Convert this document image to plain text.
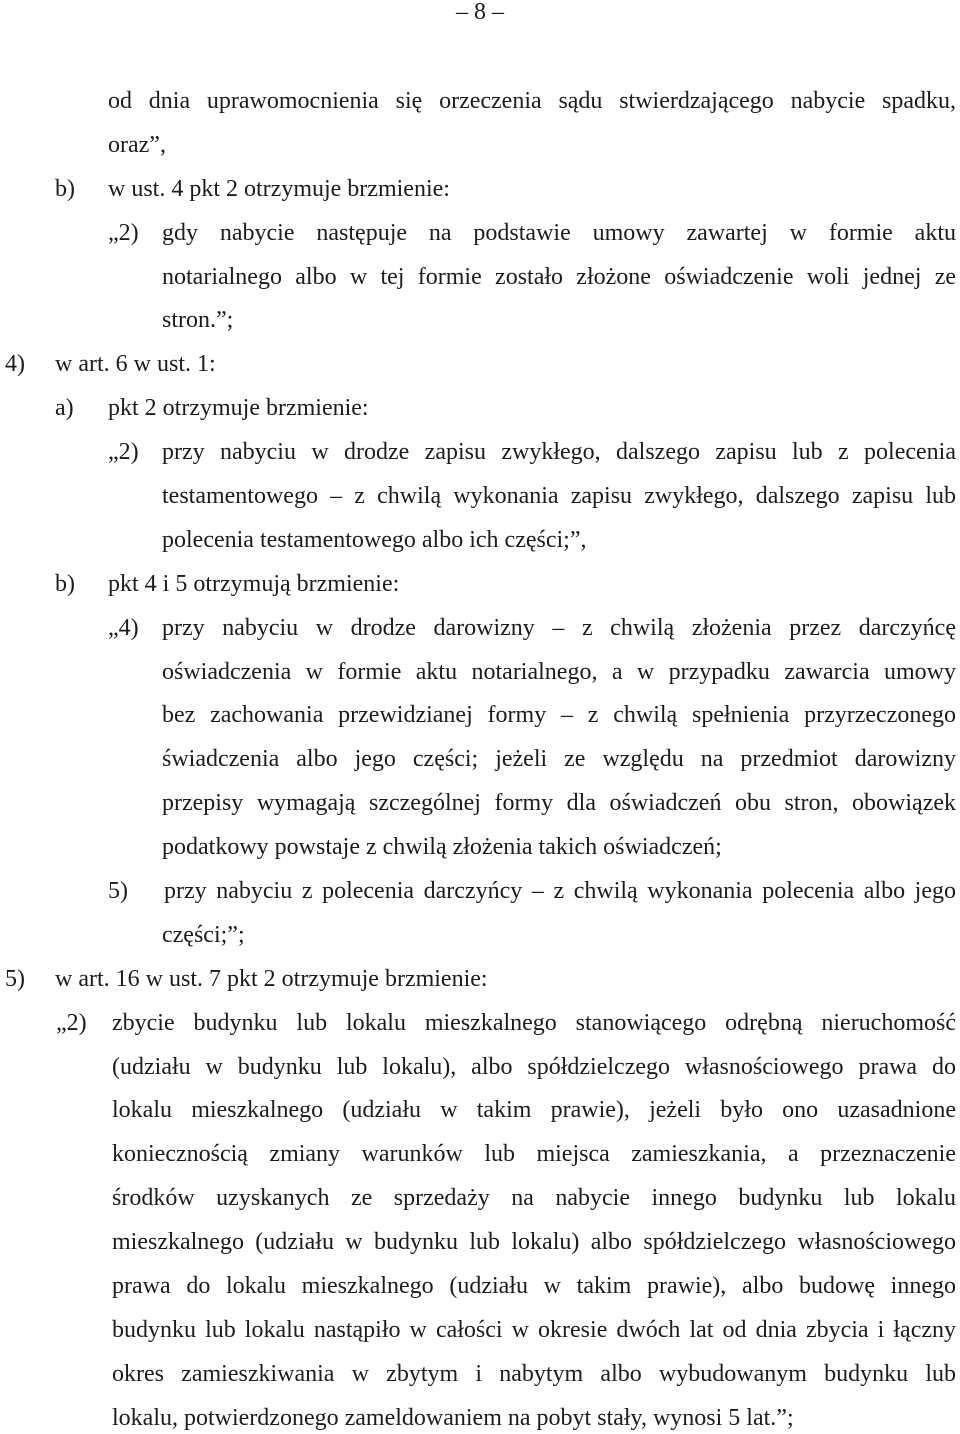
– 8 –
od dnia uprawomocnienia się orzeczenia sądu stwierdzającego nabycie spadku,
oraz”,
b) w ust. 4 pkt 2 otrzymuje brzmienie:
„2) gdy nabycie następuje na podstawie umowy zawartej w formie aktu
notarialnego albo w tej formie zostało złożone oświadczenie woli jednej ze
stron.”;
4) w art. 6 w ust. 1:
a) pkt 2 otrzymuje brzmienie:
„2) przy nabyciu w drodze zapisu zwykłego, dalszego zapisu lub z polecenia
testamentowego – z chwilą wykonania zapisu zwykłego, dalszego zapisu lub
polecenia testamentowego albo ich części;”,
b) pkt 4 i 5 otrzymują brzmienie:
„4) przy nabyciu w drodze darowizny – z chwilą złożenia przez darczyńcę
oświadczenia w formie aktu notarialnego, a w przypadku zawarcia umowy
bez zachowania przewidzianej formy – z chwilą spełnienia przyrzeczonego
świadczenia albo jego części; jeżeli ze względu na przedmiot darowizny
przepisy wymagają szczególnej formy dla oświadczeń obu stron, obowiązek
podatkowy powstaje z chwilą złożenia takich oświadczeń;
5) przy nabyciu z polecenia darczyńcy – z chwilą wykonania polecenia albo jego
części;”;
5) w art. 16 w ust. 7 pkt 2 otrzymuje brzmienie:
„2) zbycie budynku lub lokalu mieszkalnego stanowiącego odrębną nieruchomość
(udziału w budynku lub lokalu), albo spółdzielczego własnościowego prawa do
lokalu mieszkalnego (udziału w takim prawie), jeżeli było ono uzasadnione
koniecznością zmiany warunków lub miejsca zamieszkania, a przeznaczenie
środków uzyskanych ze sprzedaży na nabycie innego budynku lub lokalu
mieszkalnego (udziału w budynku lub lokalu) albo spółdzielczego własnościowego
prawa do lokalu mieszkalnego (udziału w takim prawie), albo budowę innego
budynku lub lokalu nastąpiło w całości w okresie dwóch lat od dnia zbycia i łączny
okres zamieszkiwania w zbytym i nabytym albo wybudowanym budynku lub
lokalu, potwierdzonego zameldowaniem na pobyt stały, wynosi 5 lat.”;
